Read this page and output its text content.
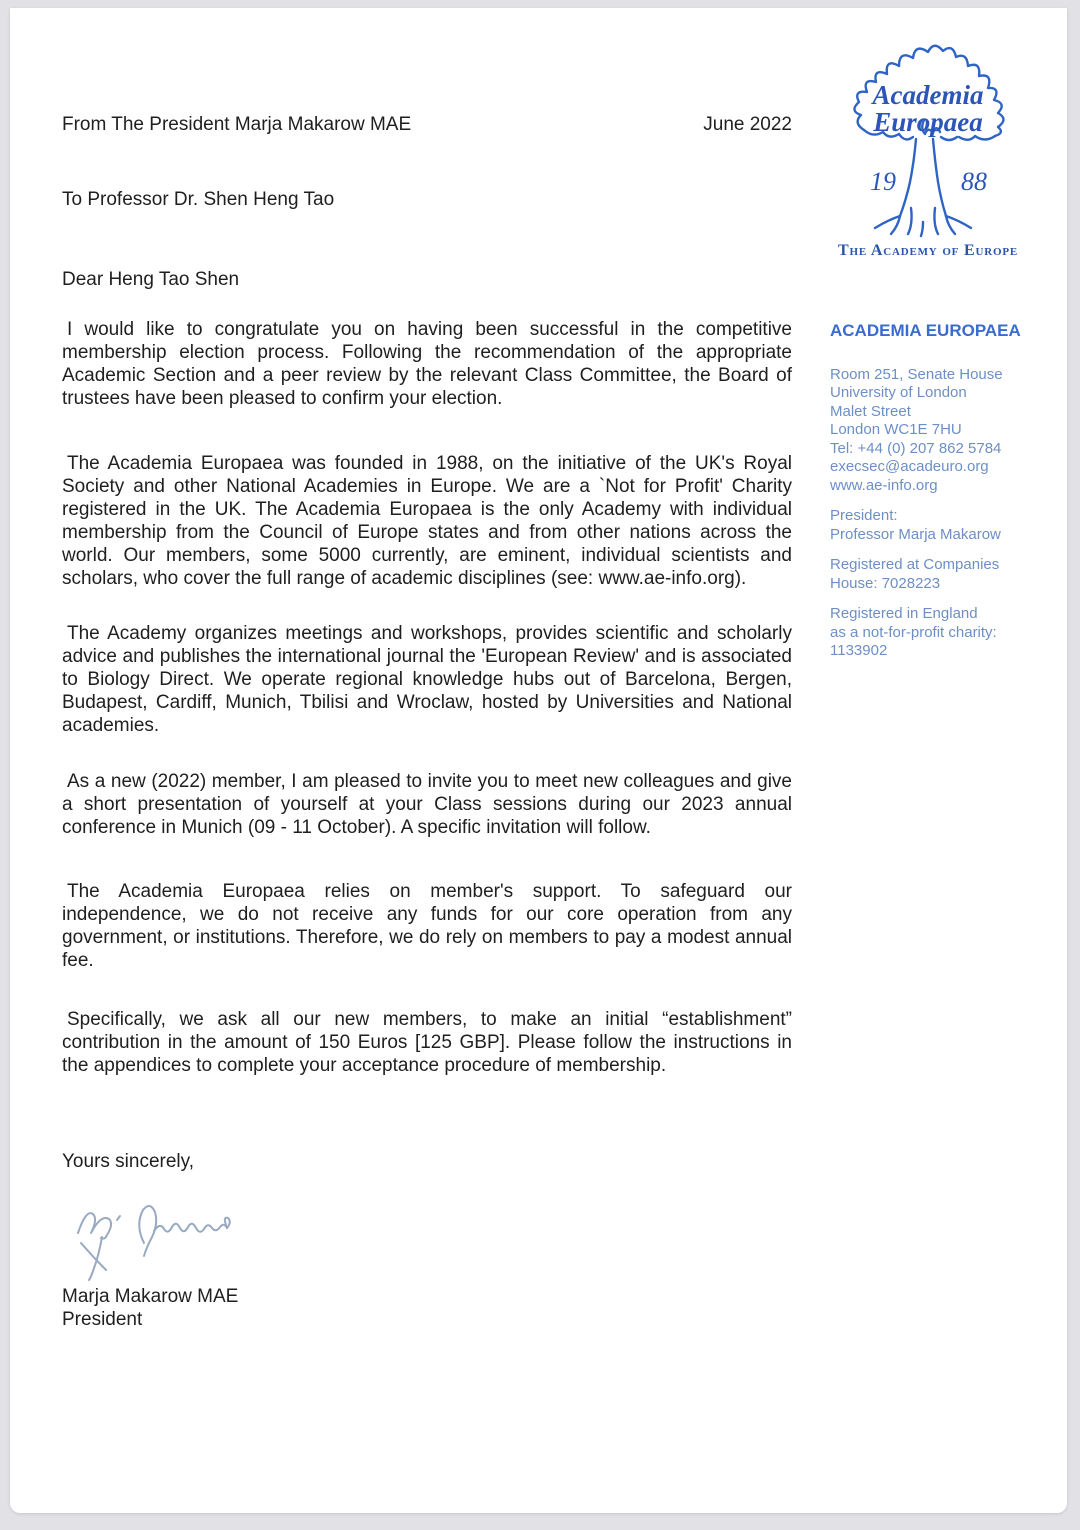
From The President Marja Makarow MAE	June 2022
To Professor Dr. Shen Heng Tao
Dear Heng Tao Shen

I would like to congratulate you on having been successful in the competitive membership election process. Following the recommendation of the appropriate Academic Section and a peer review by the relevant Class Committee, the Board of trustees have been pleased to confirm your election.

The Academia Europaea was founded in 1988, on the initiative of the UK's Royal Society and other National Academies in Europe. We are a `Not for Profit' Charity registered in the UK. The Academia Europaea is the only Academy with individual membership from the Council of Europe states and from other nations across the world. Our members, some 5000 currently, are eminent, individual scientists and scholars, who cover the full range of academic disciplines (see: www.ae-info.org).

The Academy organizes meetings and workshops, provides scientific and scholarly advice and publishes the international journal the 'European Review' and is associated to Biology Direct. We operate regional knowledge hubs out of Barcelona, Bergen, Budapest, Cardiff, Munich, Tbilisi and Wroclaw, hosted by Universities and National academies.

As a new (2022) member, I am pleased to invite you to meet new colleagues and give a short presentation of yourself at your Class sessions during our 2023 annual conference in Munich (09 - 11 October). A specific invitation will follow.

The Academia Europaea relies on member's support. To safeguard our independence, we do not receive any funds for our core operation from any government, or institutions. Therefore, we do rely on members to pay a modest annual fee.

Specifically, we ask all our new members, to make an initial “establishment” contribution in the amount of 150 Euros [125 GBP]. Please follow the instructions in the appendices to complete your acceptance procedure of membership.

Yours sincerely,
Marja Makarow MAE
President
Academia
Europaea
19	88
The Academy of Europe
ACADEMIA EUROPAEA
Room 251, Senate House
University of London
Malet Street
London WC1E 7HU
Tel: +44 (0) 207 862 5784
execsec@acadeuro.org
www.ae-info.org
President:
Professor Marja Makarow
Registered at Companies
House: 7028223
Registered in England
as a not-for-profit charity:
1133902
